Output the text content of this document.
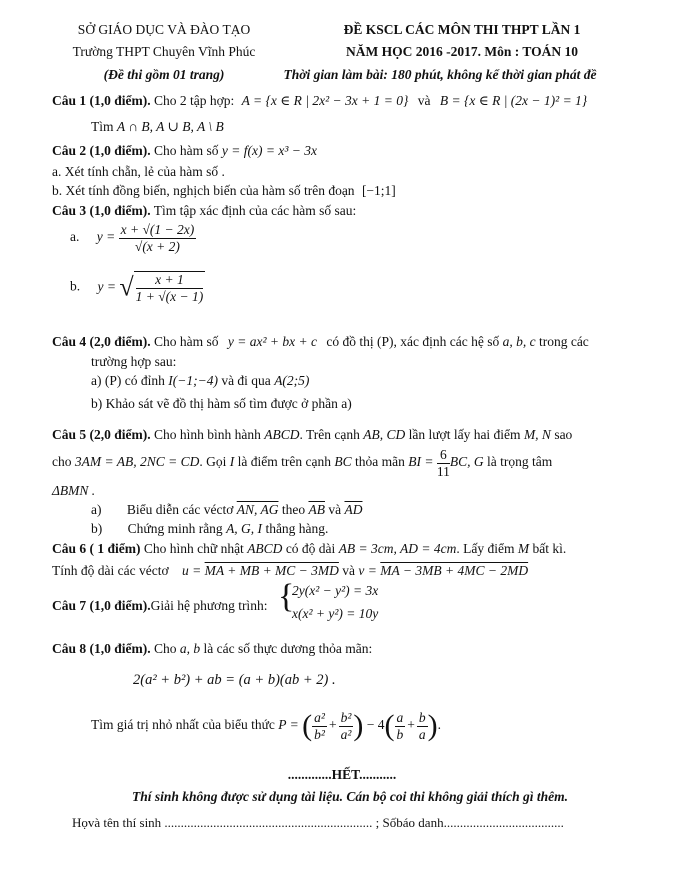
SỞ GIÁO DỤC VÀ ĐÀO TẠO
Trường THPT Chuyên Vĩnh Phúc
(Đề thi gồm 01 trang)
ĐỀ KSCL CÁC MÔN THI THPT LẦN 1
NĂM HỌC 2016 -2017. Môn : TOÁN 10
Thời gian làm bài: 180 phút, không kể thời gian phát đề
Câu 1 (1,0 điểm). Cho 2 tập hợp: A = {x ∈ R | 2x² − 3x + 1 = 0} và B = {x ∈ R | (2x − 1)² = 1}
Tìm A ∩ B, A ∪ B, A \ B
Câu 2 (1,0 điểm). Cho hàm số y = f(x) = x³ − 3x
a. Xét tính chẵn, lẻ của hàm số .
b. Xét tính đồng biến, nghịch biến của hàm số trên đoạn [−1;1]
Câu 3 (1,0 điểm). Tìm tập xác định của các hàm số sau:
a. $y = \frac{x + √(1 - 2x)}{√(x + 2)}$
b. y = √ $\frac{x + 1}{1 + √(x - 1)}$
Câu 4 (2,0 điểm). Cho hàm số y = ax² + bx + c có đồ thị (P), xác định các hệ số a, b, c trong các
trường hợp sau:
a) (P) có đỉnh I(−1;−4) và đi qua A(2;5)
b) Khảo sát vẽ đồ thị hàm số tìm được ở phần a)
Câu 5 (2,0 điểm). Cho hình bình hành ABCD. Trên cạnh AB, CD lần lượt lấy hai điểm M, N sao
cho 3AM = AB, 2NC = CD. Gọi I là điểm trên cạnh BC thỏa mãn BI = $\frac{6}{11}$ BC, G là trọng tâm
ΔBMN .
a) Biểu diễn các véctơ AN, AG theo $\overline{AB}$ và $\overline{AD}$
b) Chứng minh rằng A, G, I thẳng hàng.
Câu 6 ( 1 điểm) Cho hình chữ nhật ABCD có độ dài AB = 3cm, AD = 4cm. Lấy điểm M bất kì.
Tính độ dài các véctơ u = MA + MB + MC − 3MD và v = MA − 3MB + 4MC − 2MD
Câu 7 (1,0 điểm).Giải hệ phương trình: {
2y(x² − y²) = 3x
x(x² + y²) = 10y
Câu 8 (1,0 điểm). Cho a, b là các số thực dương thỏa mãn:
2(a² + b²) + ab = (a + b)(ab + 2) .
Tìm giá trị nhỏ nhất của biểu thức P = ( $\frac{\text{a²}}{\text{b²}} + \frac{\text{b²}}{\text{a²}}$ ) − $4( \frac{a}{b} + \frac{b}{a}$ ).
.............HẾT...........
Thí sinh không được sử dụng tài liệu. Cán bộ coi thi không giải thích gì thêm.
Họvà tên thí sinh ................................................................ ; Sốbáo danh.....................................
